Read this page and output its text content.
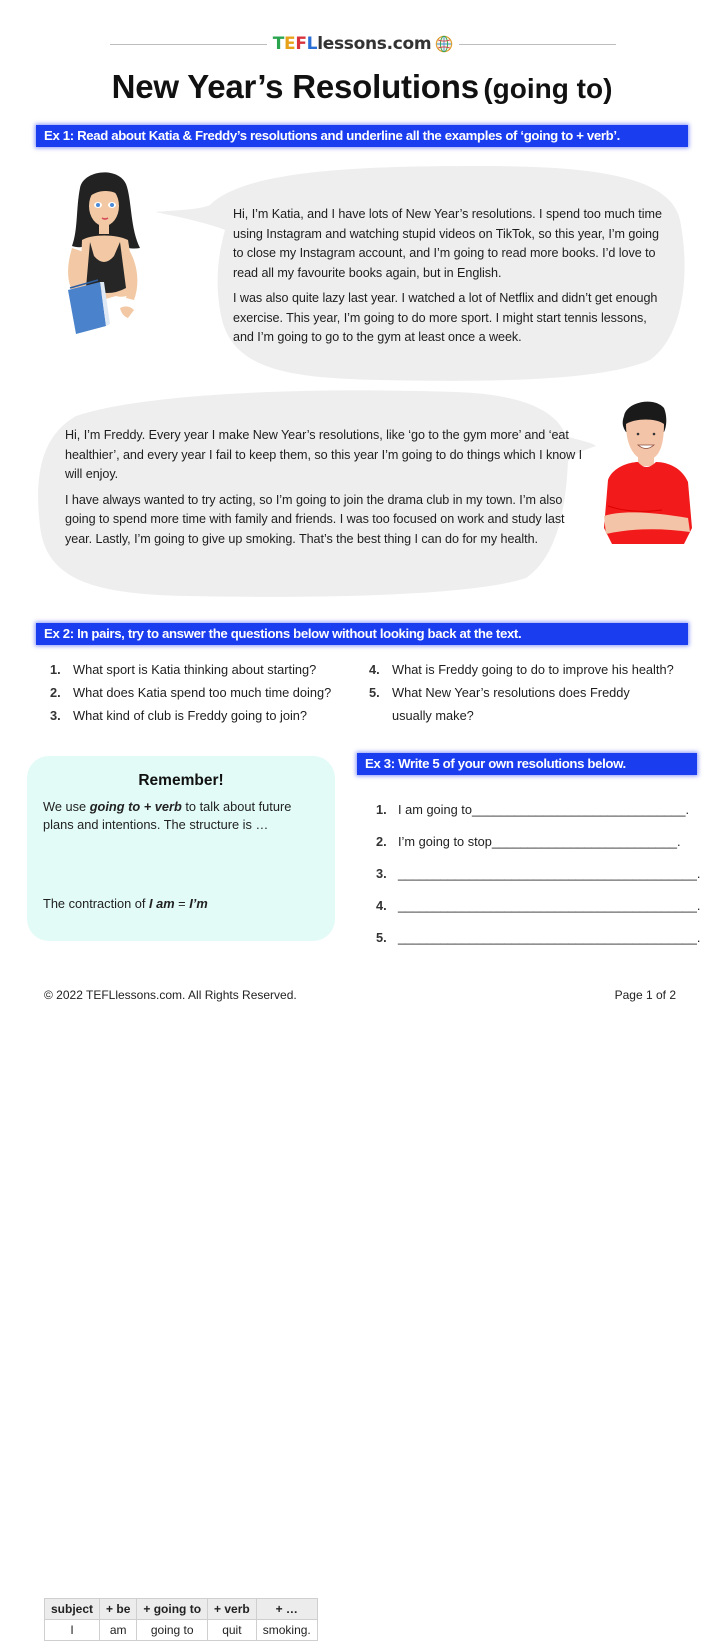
T E F L lessons.com
New Year’s Resolutions (going to)
Ex 1: Read about Katia & Freddy’s resolutions and underline all the examples of ‘going to + verb’.

Hi, I’m Katia, and I have lots of New Year’s resolutions. I spend too much time using Instagram and watching stupid videos on TikTok, so this year, I’m going to close my Instagram account, and I’m going to read more books. I’d love to read all my favourite books again, but in English.

I was also quite lazy last year. I watched a lot of Netflix and didn’t get enough exercise. This year, I’m going to do more sport. I might start tennis lessons, and I’m going to go to the gym at least once a week.

Hi, I’m Freddy. Every year I make New Year’s resolutions, like ‘go to the gym more’ and ‘eat healthier’, and every year I fail to keep them, so this year I’m going to do things which I know I will enjoy.

I have always wanted to try acting, so I’m going to join the drama club in my town. I’m also going to spend more time with family and friends. I was too focused on work and study last year. Lastly, I’m going to give up smoking. That’s the best thing I can do for my health.

Ex 2: In pairs, try to answer the questions below without looking back at the text.
1. What sport is Katia thinking about starting?
2. What does Katia spend too much time doing?
3. What kind of club is Freddy going to join?
4. What is Freddy going to do to improve his health?
5. What New Year’s resolutions does Freddy
usually make?
Remember!
We use going to + verb to talk about future plans and intentions. The structure is …
subject	+ be	+ going to	+ verb	+ …
I	am	going to	quit	smoking.
The contraction of I am = I’m
Ex 3: Write 5 of your own resolutions below.
1. I am going to ______________________________.
2. I’m going to stop __________________________.
3. __________________________________________.
4. __________________________________________.
5. __________________________________________.
© 2022 TEFLlessons.com. All Rights Reserved.	Page 1 of 2
